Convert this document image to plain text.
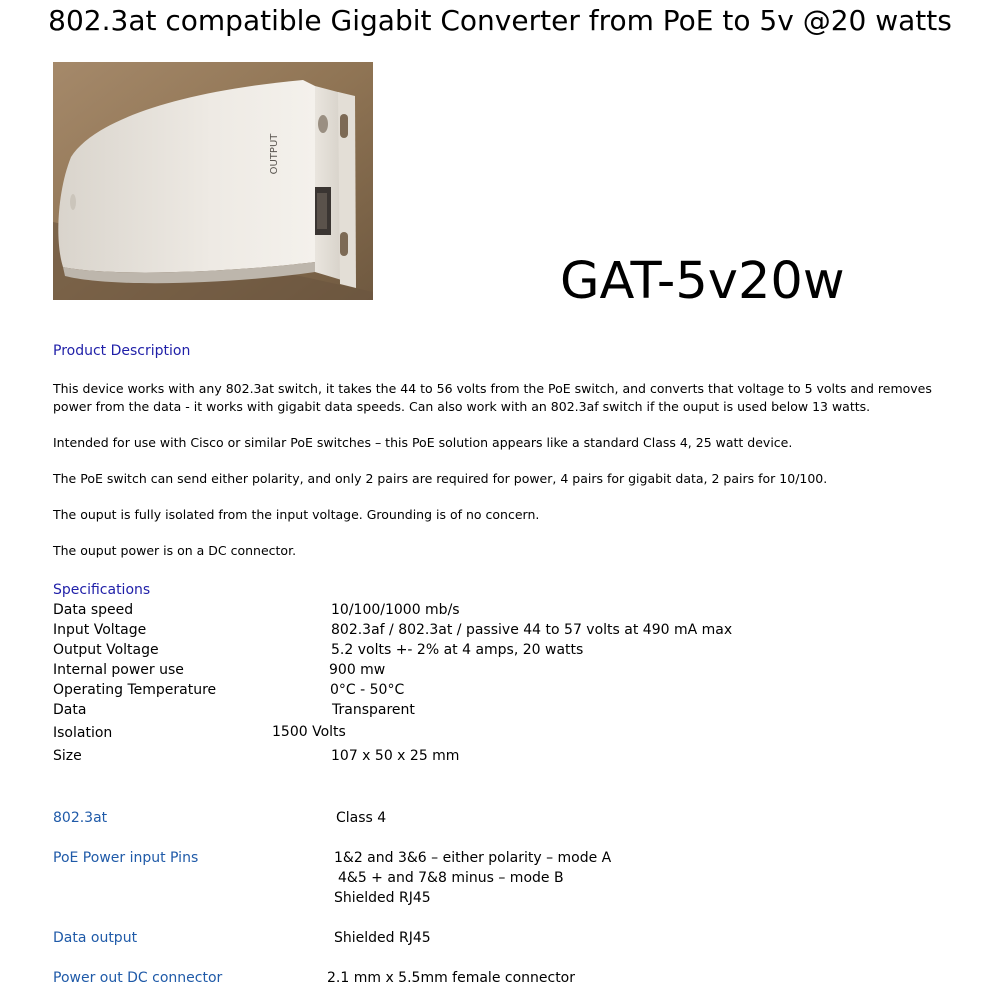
802.3at compatible Gigabit Converter from PoE to 5v @20 watts
OUTPUT
GAT-5v20w
Product Description
This device works with any 802.3at switch, it takes the 44 to 56 volts from the PoE switch, and converts that voltage to 5 volts and removes power from the data - it works with gigabit data speeds. Can also work with an 802.3af switch if the ouput is used below 13 watts.
Intended for use with Cisco or similar PoE switches – this PoE solution appears like a standard Class 4, 25 watt device.
The PoE switch can send either polarity, and only 2 pairs are required for power, 4 pairs for gigabit data, 2 pairs for 10/100.
The ouput is fully isolated from the input voltage. Grounding is of no concern.
The ouput power is on a DC connector.
Specifications
Data speed	10/100/1000 mb/s
Input Voltage	802.3af / 802.3at / passive 44 to 57 volts at 490 mA max
Output Voltage	5.2 volts +- 2% at 4 amps, 20 watts
Internal power use	900 mw
Operating Temperature	0°C - 50°C
Data	Transparent
Isolation	1500 Volts
Size	107 x 50 x 25 mm
802.3at	Class 4
PoE Power input Pins	1&2 and 3&6 – either polarity – mode A
4&5 + and 7&8 minus – mode B
Shielded RJ45
Data output	Shielded RJ45
Power out DC connector	2.1 mm x 5.5mm female connector
